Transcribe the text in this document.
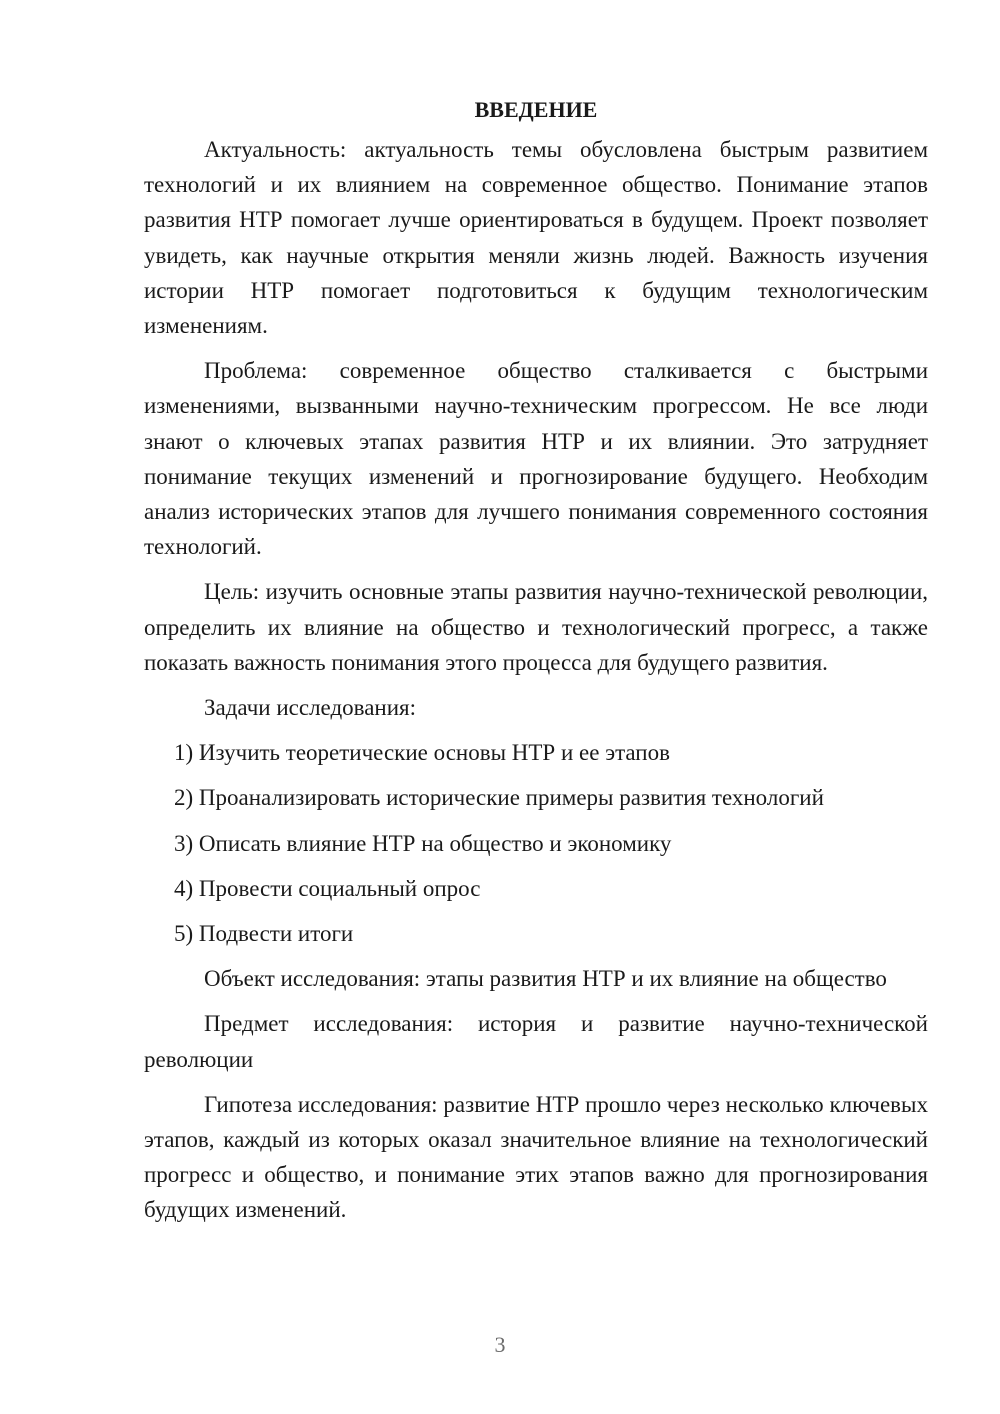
ВВЕДЕНИЕ

Актуальность: актуальность темы обусловлена быстрым развитием технологий и их влиянием на современное общество. Понимание этапов развития НТР помогает лучше ориентироваться в будущем. Проект позволяет увидеть, как научные открытия меняли жизнь людей. Важность изучения истории НТР помогает подготовиться к будущим технологическим изменениям.

Проблема: современное общество сталкивается с быстрыми изменениями, вызванными научно-техническим прогрессом. Не все люди знают о ключевых этапах развития НТР и их влиянии. Это затрудняет понимание текущих изменений и прогнозирование будущего. Необходим анализ исторических этапов для лучшего понимания современного состояния технологий.

Цель: изучить основные этапы развития научно-технической революции, определить их влияние на общество и технологический прогресс, а также показать важность понимания этого процесса для будущего развития.

Задачи исследования:

1) Изучить теоретические основы НТР и ее этапов
2) Проанализировать исторические примеры развития технологий
3) Описать влияние НТР на общество и экономику
4) Провести социальный опрос
5) Подвести итоги

Объект исследования: этапы развития НТР и их влияние на общество

Предмет исследования: история и развитие научно-технической революции

Гипотеза исследования: развитие НТР прошло через несколько ключевых этапов, каждый из которых оказал значительное влияние на технологический прогресс и общество, и понимание этих этапов важно для прогнозирования будущих изменений.

3
